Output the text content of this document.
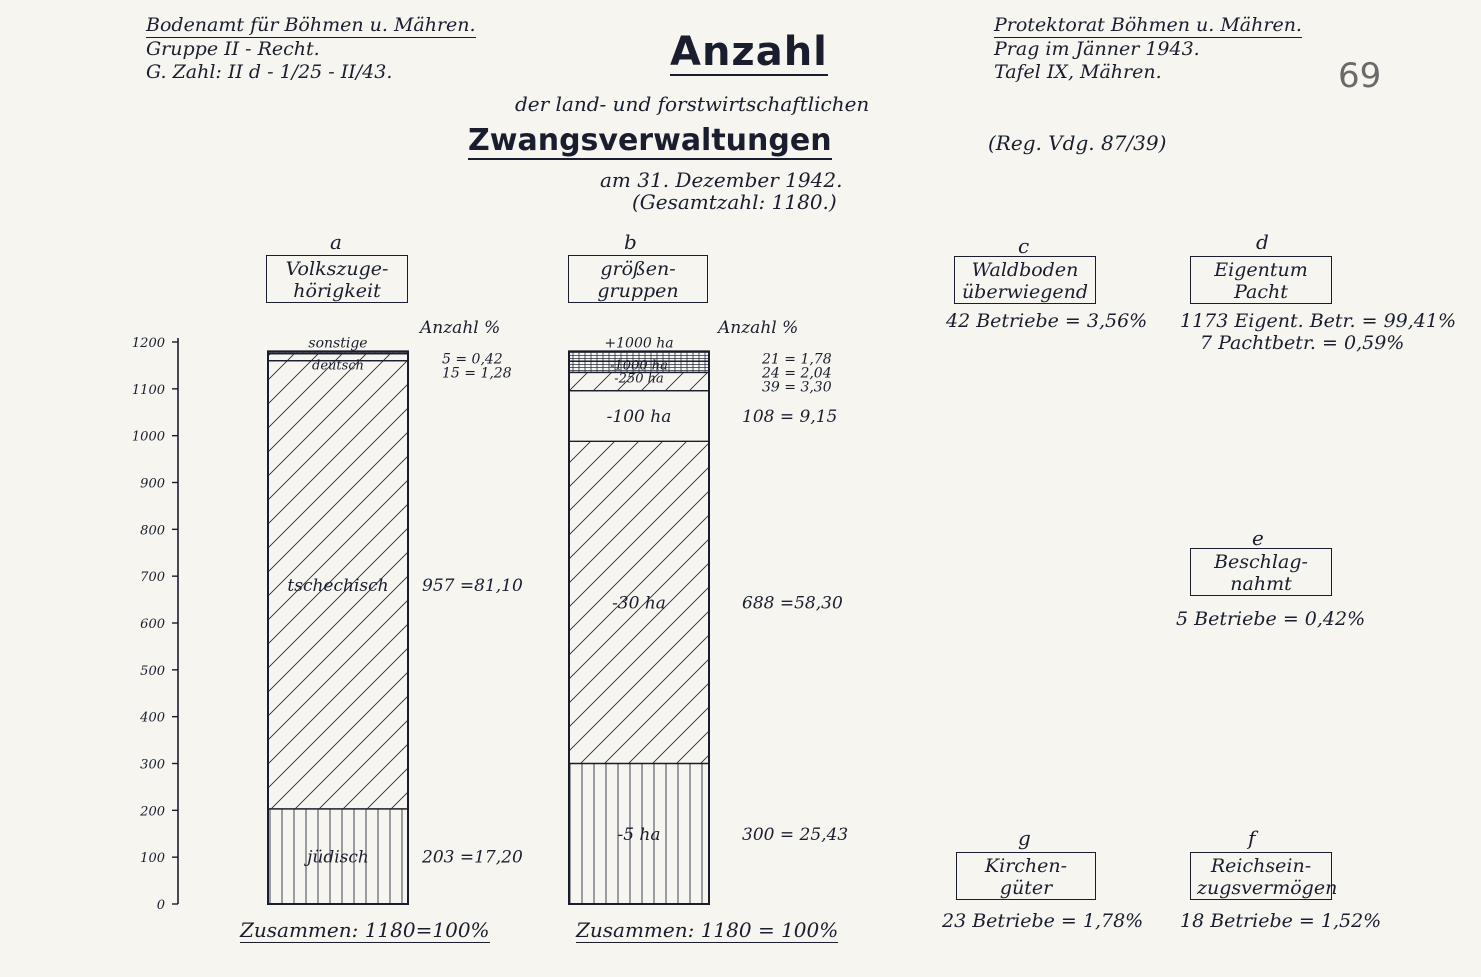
Bodenamt für Böhmen u. Mähren.
Gruppe II - Recht.
G. Zahl: II d - 1/25 - II/43.
Protektorat Böhmen u. Mähren.
Prag im Jänner 1943.
Tafel IX, Mähren.	69
Anzahl
der land- und forstwirtschaftlichen
Zwangsverwaltungen	(Reg. Vdg. 87/39)
am 31. Dezember 1942.
(Gesamtzahl: 1180.)
a
Volkszuge-hörigkeit
Anzahl %
b
größen-gruppen
Anzahl %
0
100
200
300
400
500
600
700
800
900
1000
1100
1200
jüdisch	203 =17,20
tschechisch 957 =81,10
5 = 0,42
15 = 1,28
sonstige
deutsch
-5 ha	300 = 25,43
-30 ha	688 =58,30
-100 ha	108 = 9,15
21 = 1,78
24 = 2,04
39 = 3,30
+1000 ha
-1000 ha
-250 ha
Zusammen: 1180=100%	Zusammen: 1180 = 100%
c
Waldboden überwiegend
42 Betriebe = 3,56%
d
Eigentum Pacht
1173 Eigent. Betr. = 99,41%
7 Pachtbetr. = 0,59%
e
Beschlag-nahmt
5 Betriebe = 0,42%
g
Kirchen-güter
23 Betriebe = 1,78%
f
Reichsein-zugsvermögen
18 Betriebe = 1,52%
